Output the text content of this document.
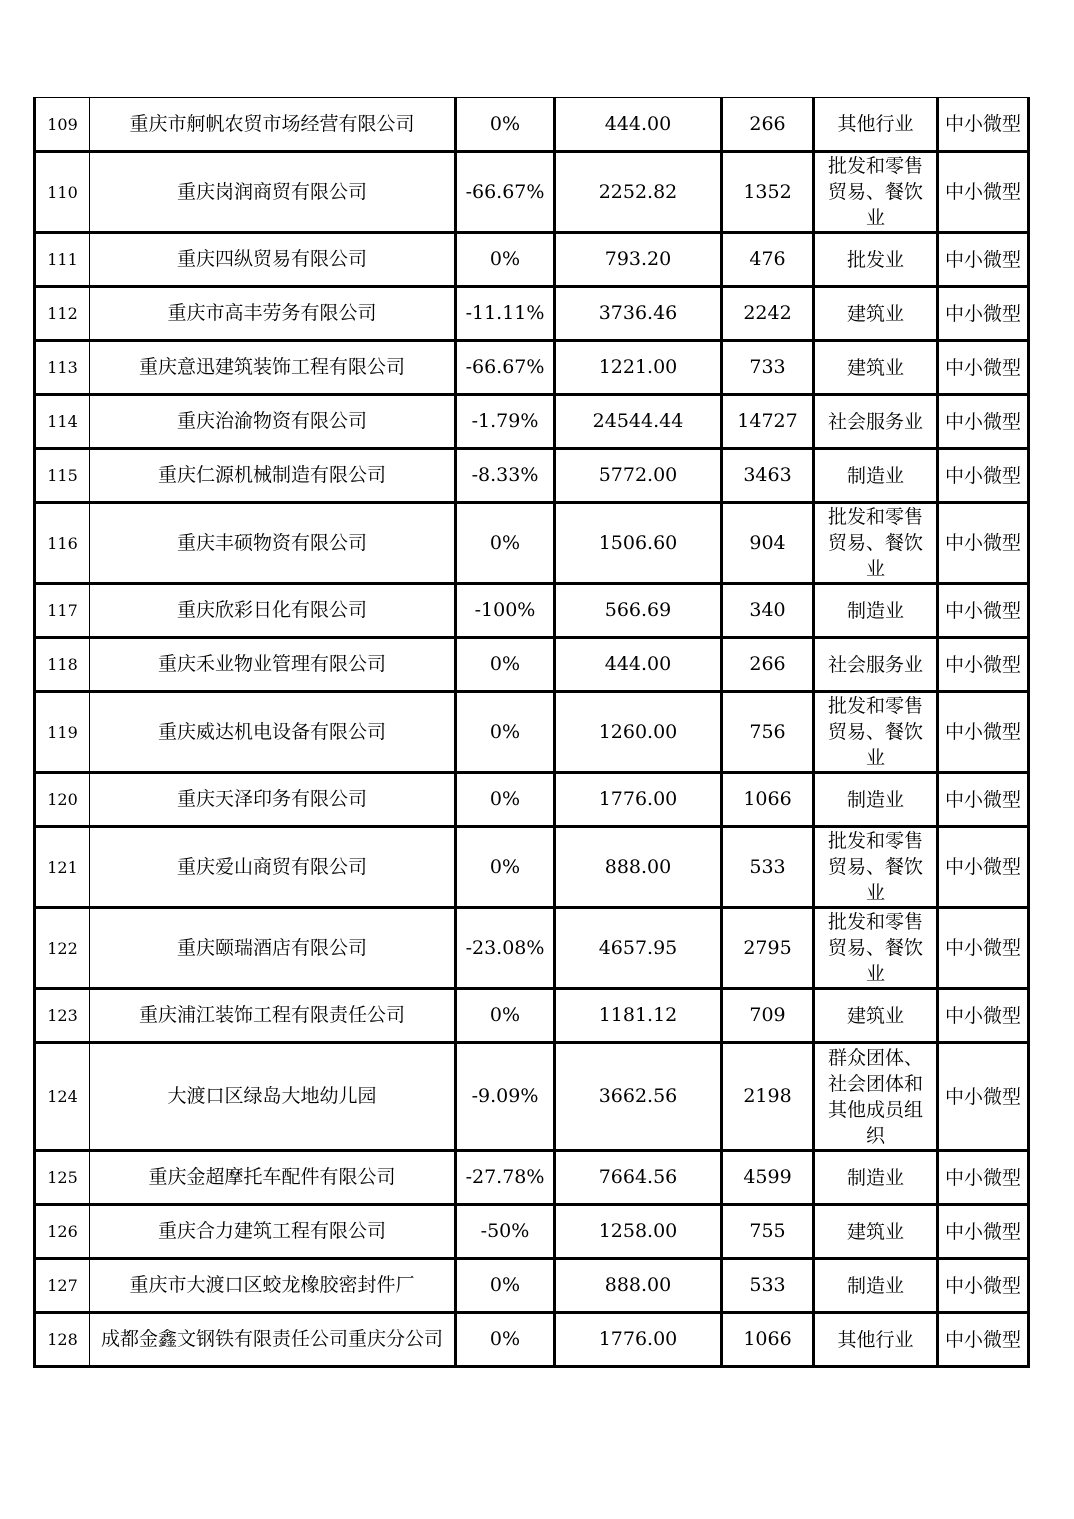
109	重庆市舸帆农贸市场经营有限公司	0%	444.00	266	其他行业	中小微型

110	重庆岗润商贸有限公司	-66.67%	2252.82	1352	批发和零售贸易、餐饮业	中小微型

111	重庆四纵贸易有限公司	0%	793.20	476	批发业	中小微型

112	重庆市高丰劳务有限公司	-11.11%	3736.46	2242	建筑业	中小微型

113	重庆意迅建筑装饰工程有限公司	-66.67%	1221.00	733	建筑业	中小微型

114	重庆治渝物资有限公司	-1.79%	24544.44	14727	社会服务业	中小微型

115	重庆仁源机械制造有限公司	-8.33%	5772.00	3463	制造业	中小微型

116	重庆丰硕物资有限公司	0%	1506.60	904	批发和零售贸易、餐饮业	中小微型

117	重庆欣彩日化有限公司	-100%	566.69	340	制造业	中小微型

118	重庆禾业物业管理有限公司	0%	444.00	266	社会服务业	中小微型

119	重庆威达机电设备有限公司	0%	1260.00	756	批发和零售贸易、餐饮业	中小微型

120	重庆天泽印务有限公司	0%	1776.00	1066	制造业	中小微型

121	重庆爱山商贸有限公司	0%	888.00	533	批发和零售贸易、餐饮业	中小微型

122	重庆颐瑞酒店有限公司	-23.08%	4657.95	2795	批发和零售贸易、餐饮业	中小微型

123	重庆浦江装饰工程有限责任公司	0%	1181.12	709	建筑业	中小微型

124	大渡口区绿岛大地幼儿园	-9.09%	3662.56	2198	群众团体、社会团体和其他成员组织	中小微型

125	重庆金超摩托车配件有限公司	-27.78%	7664.56	4599	制造业	中小微型

126	重庆合力建筑工程有限公司	-50%	1258.00	755	建筑业	中小微型

127	重庆市大渡口区蛟龙橡胶密封件厂	0%	888.00	533	制造业	中小微型

128	成都金鑫文钢铁有限责任公司重庆分公司	0%	1776.00	1066	其他行业	中小微型
